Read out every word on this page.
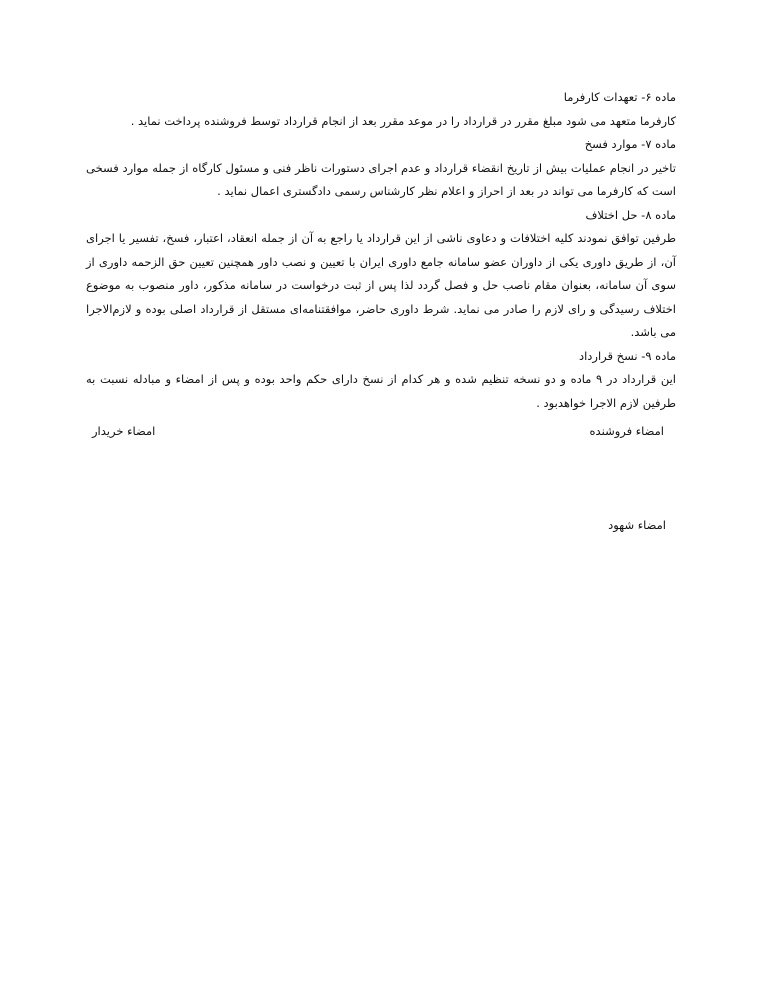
ماده ۶- تعهدات کارفرما

کارفرما متعهد می شود مبلغ مقرر در قرارداد را در موعد مقرر بعد از انجام قرارداد توسط فروشنده پرداخت نماید .

ماده ۷- موارد فسخ

تاخیر در انجام عملیات بیش از تاریخ انقضاء قرارداد و عدم اجرای دستورات ناظر فنی و مسئول کارگاه از جمله موارد فسخی است که کارفرما می تواند در بعد از احراز و اعلام نظر کارشناس رسمی دادگستری اعمال نماید .

ماده ۸- حل اختلاف

طرفین توافق نمودند کلیه اختلافات و دعاوی ناشی از این قرارداد یا راجع به آن از جمله انعقاد، اعتبار، فسخ، تفسیر یا اجرای آن، از طریق داوری یکی از داوران عضو سامانه جامع داوری ایران با تعیین و نصب داور همچنین تعیین حق الزحمه داوری از سوی آن سامانه، بعنوان مقام ناصب حل و فصل گردد لذا پس از ثبت درخواست در سامانه مذکور، داور منصوب به موضوع اختلاف رسیدگی و رای لازم را صادر می نماید. شرط داوری حاضر، موافقتنامه‌ای مستقل از قرارداد اصلی بوده و لازم‌الاجرا می باشد.

ماده ۹- نسخ قرارداد

این قرارداد در ۹ ماده و دو نسخه تنظیم شده و هر کدام از نسخ دارای حکم واحد بوده و پس از امضاء و مبادله نسبت به طرفین لازم الاجرا خواهدبود .

امضاء فروشنده
امضاء خریدار
امضاء شهود
